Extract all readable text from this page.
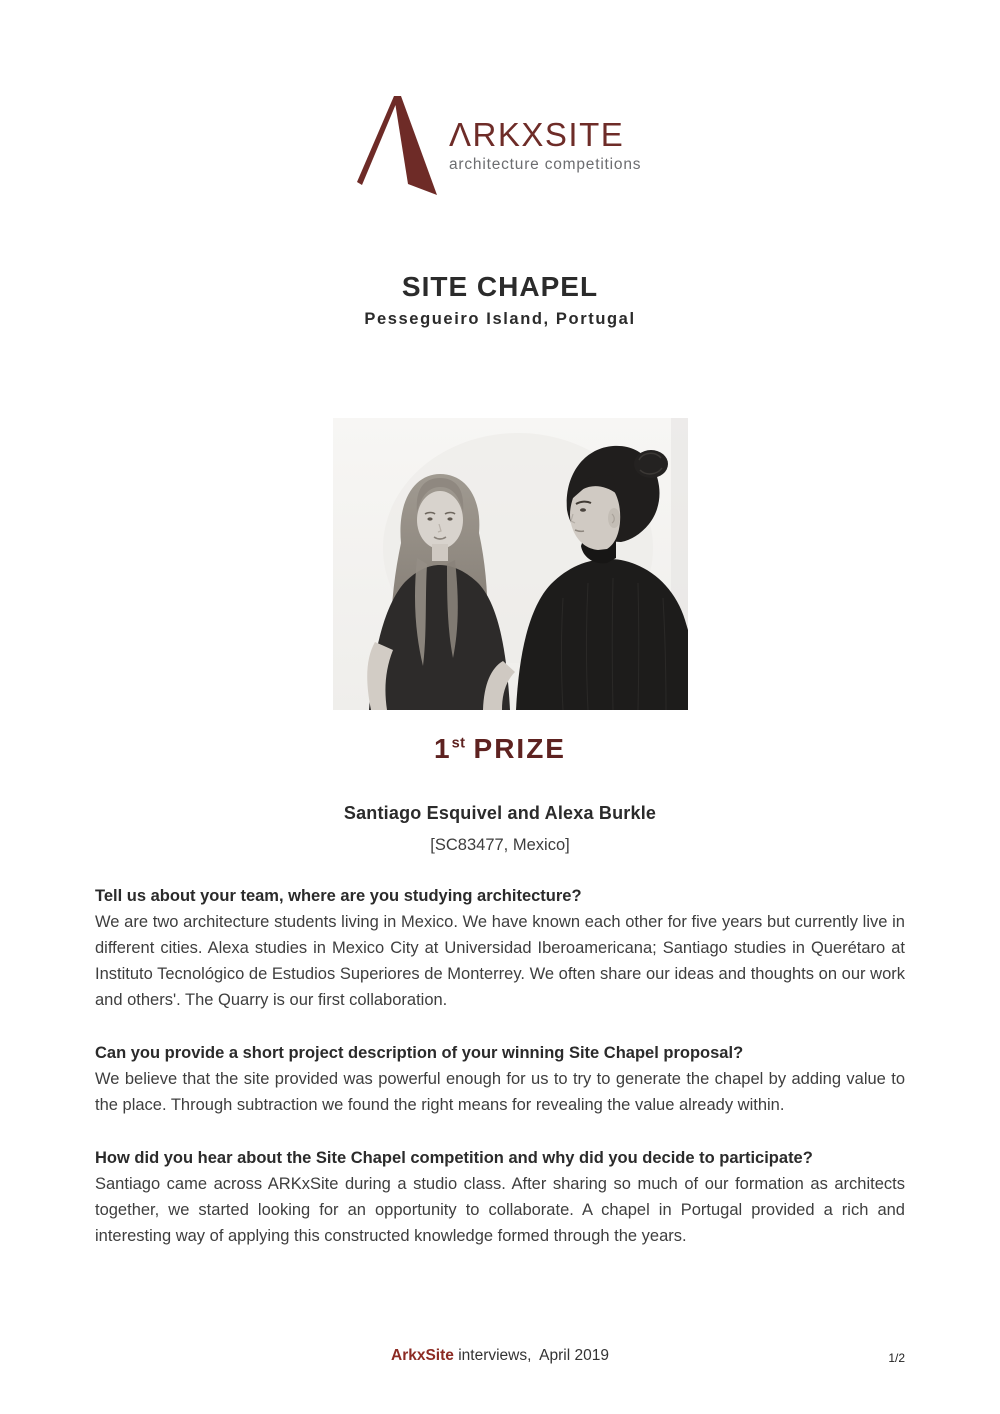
ΛRKXSITE
architecture competitions
SITE CHAPEL
Pessegueiro Island, Portugal
1st PRIZE
Santiago Esquivel and Alexa Burkle
[SC83477, Mexico]

Tell us about your team, where are you studying architecture?

We are two architecture students living in Mexico. We have known each other for five years but currently live in different cities. Alexa studies in Mexico City at Universidad Iberoamericana; Santiago studies in Querétaro at Instituto Tecnológico de Estudios Superiores de Monterrey. We often share our ideas and thoughts on our work and others'. The Quarry is our first collaboration.

Can you provide a short project description of your winning Site Chapel proposal?

We believe that the site provided was powerful enough for us to try to generate the chapel by adding value to the place. Through subtraction we found the right means for revealing the value already within.

How did you hear about the Site Chapel competition and why did you decide to participate?

Santiago came across ARKxSite during a studio class. After sharing so much of our formation as architects together, we started looking for an opportunity to collaborate. A chapel in Portugal provided a rich and interesting way of applying this constructed knowledge formed through the years.

ArkxSite interviews,  April 2019	1/2
